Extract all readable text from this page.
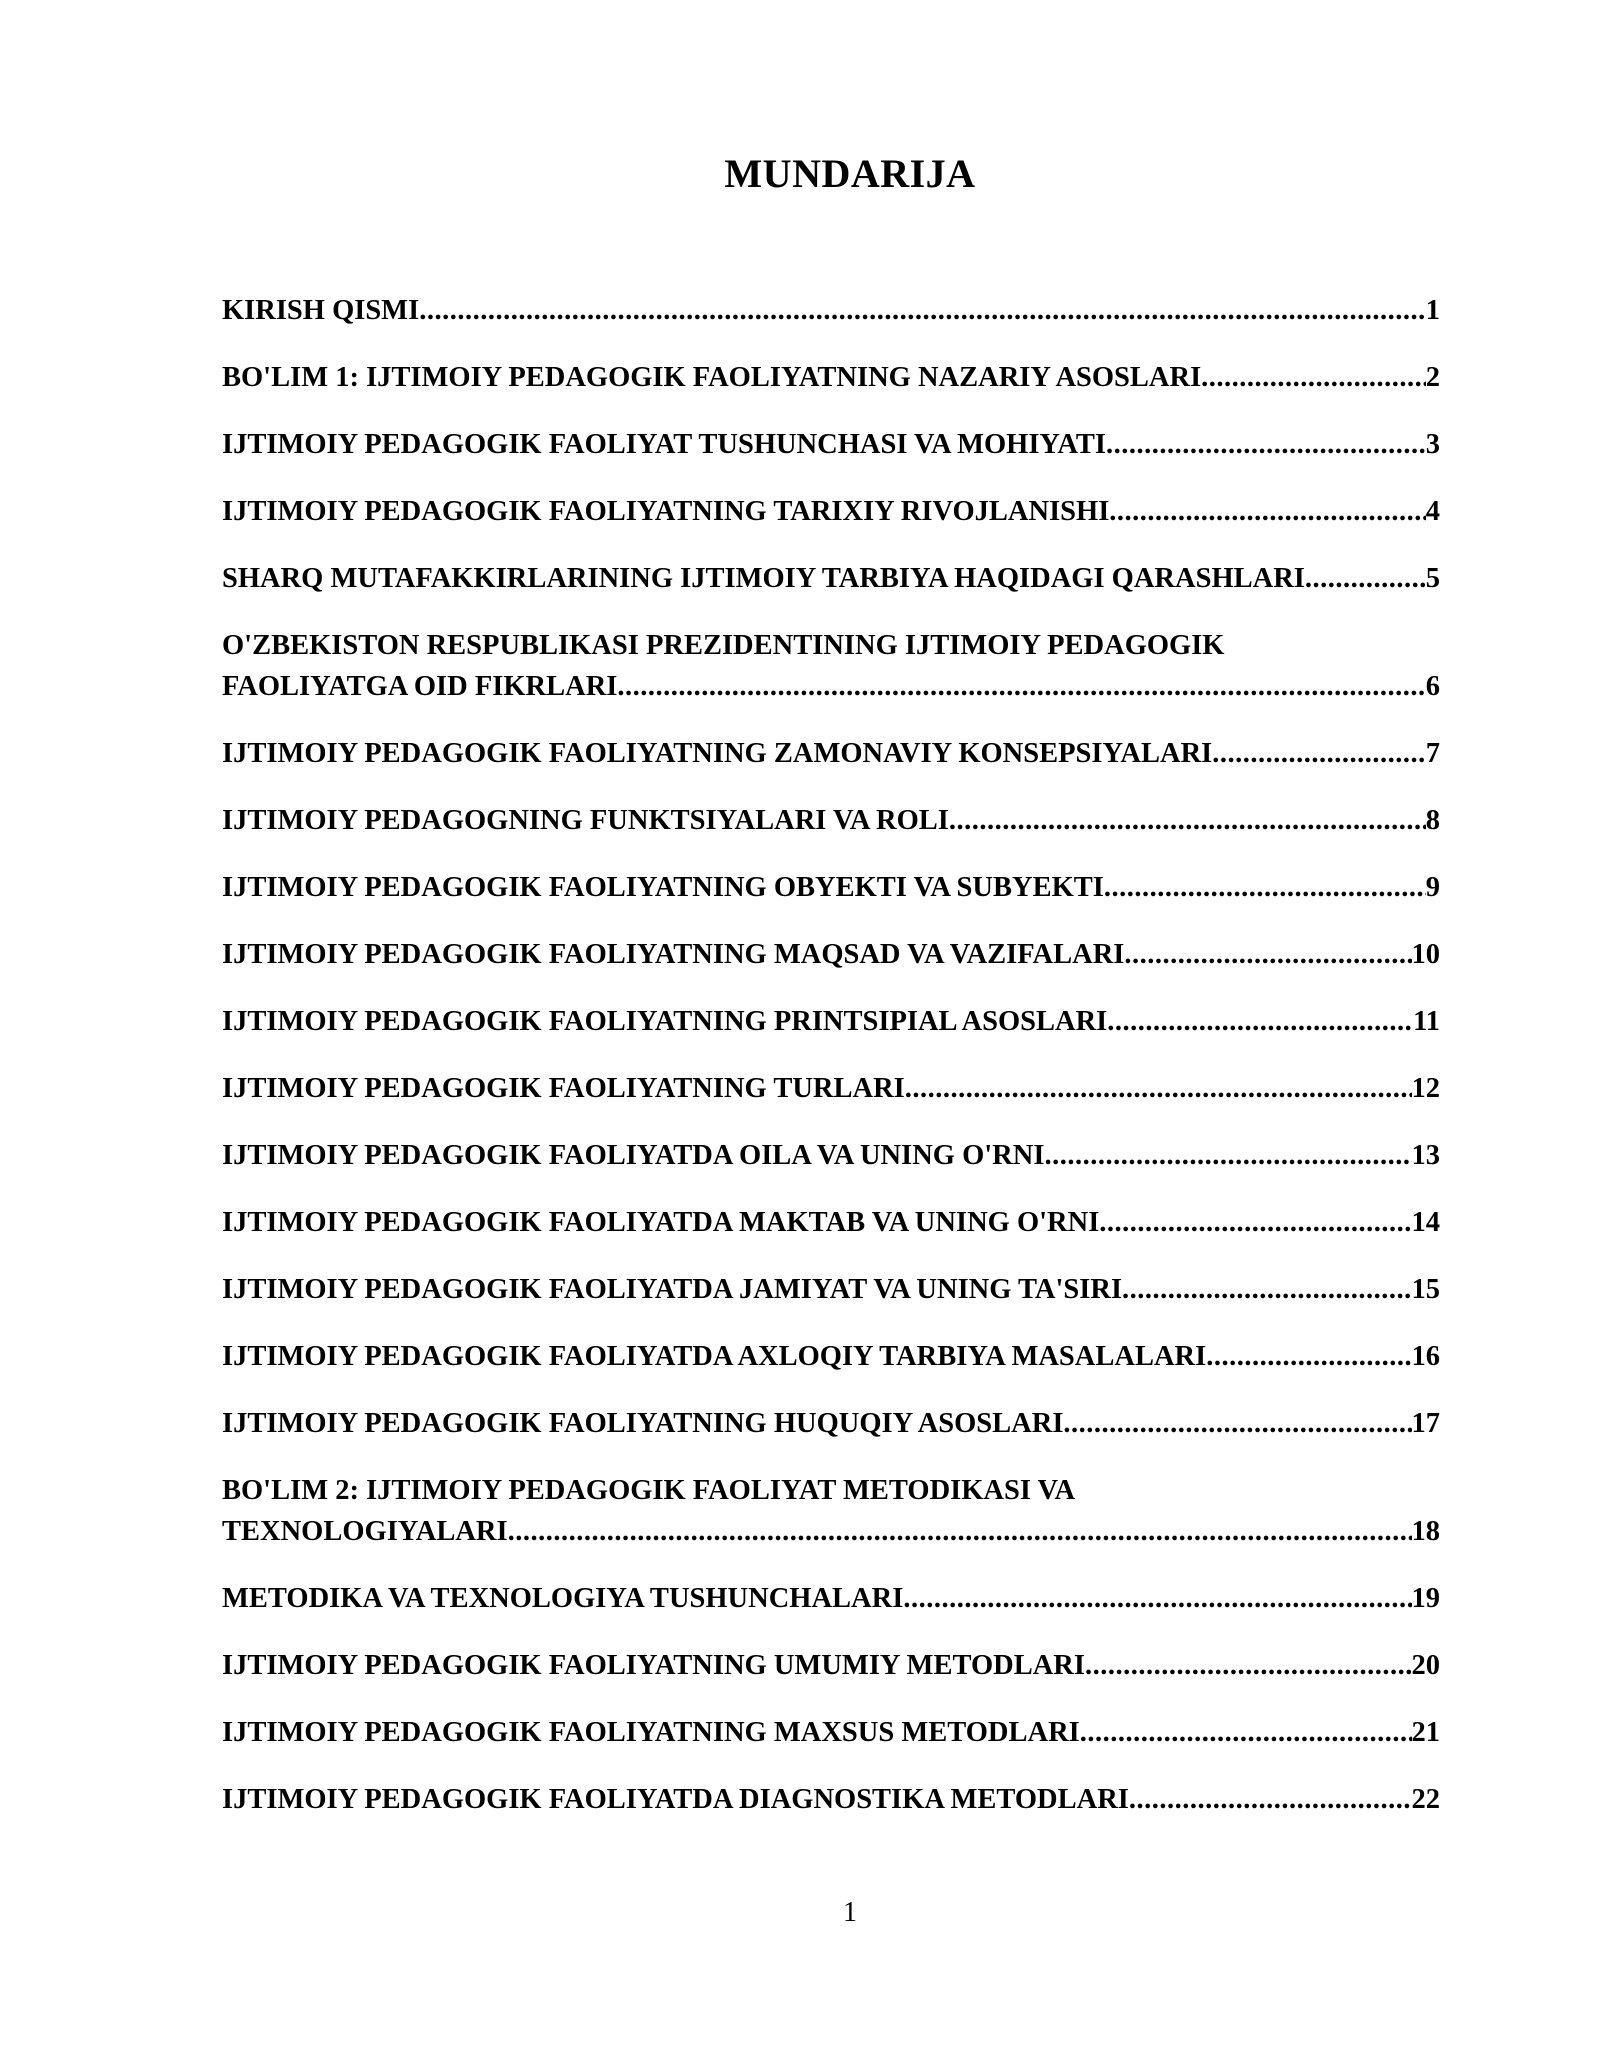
MUNDARIJA
KIRISH QISMI .....	1
BO'LIM 1: IJTIMOIY PEDAGOGIK FAOLIYATNING NAZARIY ASOSLARI .....	2
IJTIMOIY PEDAGOGIK FAOLIYAT TUSHUNCHASI VA MOHIYATI .....	3
IJTIMOIY PEDAGOGIK FAOLIYATNING TARIXIY RIVOJLANISHI .....	4
SHARQ MUTAFAKKIRLARINING IJTIMOIY TARBIYA HAQIDAGI QARASHLARI .....	5
O'ZBEKISTON RESPUBLIKASI PREZIDENTINING IJTIMOIY PEDAGOGIK
FAOLIYATGA OID FIKRLARI .....	6
IJTIMOIY PEDAGOGIK FAOLIYATNING ZAMONAVIY KONSEPSIYALARI .....	7
IJTIMOIY PEDAGOGNING FUNKTSIYALARI VA ROLI .....	8
IJTIMOIY PEDAGOGIK FAOLIYATNING OBYEKTI VA SUBYEKTI .....	9
IJTIMOIY PEDAGOGIK FAOLIYATNING MAQSAD VA VAZIFALARI .....	10
IJTIMOIY PEDAGOGIK FAOLIYATNING PRINTSIPIAL ASOSLARI .....	11
IJTIMOIY PEDAGOGIK FAOLIYATNING TURLARI .....	12
IJTIMOIY PEDAGOGIK FAOLIYATDA OILA VA UNING O'RNI .....	13
IJTIMOIY PEDAGOGIK FAOLIYATDA MAKTAB VA UNING O'RNI .....	14
IJTIMOIY PEDAGOGIK FAOLIYATDA JAMIYAT VA UNING TA'SIRI .....	15
IJTIMOIY PEDAGOGIK FAOLIYATDA AXLOQIY TARBIYA MASALALARI .....	16
IJTIMOIY PEDAGOGIK FAOLIYATNING HUQUQIY ASOSLARI .....	17
BO'LIM 2: IJTIMOIY PEDAGOGIK FAOLIYAT METODIKASI VA
TEXNOLOGIYALARI .....	18
METODIKA VA TEXNOLOGIYA TUSHUNCHALARI .....	19
IJTIMOIY PEDAGOGIK FAOLIYATNING UMUMIY METODLARI .....	20
IJTIMOIY PEDAGOGIK FAOLIYATNING MAXSUS METODLARI .....	21
IJTIMOIY PEDAGOGIK FAOLIYATDA DIAGNOSTIKA METODLARI .....	22
1
